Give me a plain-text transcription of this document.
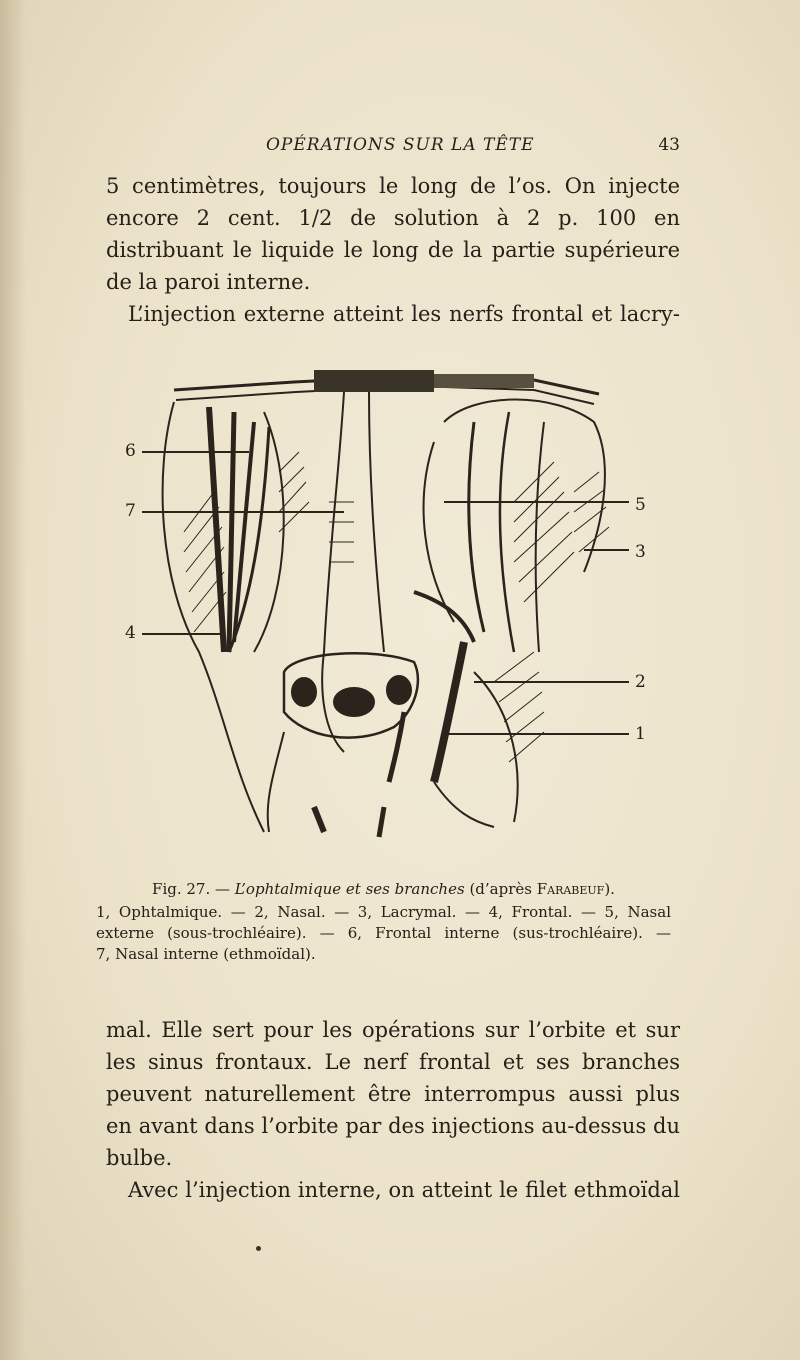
OPÉRATIONS SUR LA TÊTE	43

5 centimètres, toujours le long de l’os. On injecte encore 2 cent. 1/2 de solution à 2 p. 100 en distribuant le liquide le long de la partie supérieure de la paroi interne.

L’injection externe atteint les nerfs frontal et lacry-

6
7
4
5
3
2
1
Fig. 27. — L’ophtalmique et ses branches (d’après Farabeuf).
1, Ophtalmique. — 2, Nasal. — 3, Lacrymal. — 4, Frontal. — 5, Nasal
externe (sous-trochléaire). — 6, Frontal interne (sus-trochléaire). —
7, Nasal interne (ethmoïdal).

mal. Elle sert pour les opérations sur l’orbite et sur les sinus frontaux. Le nerf frontal et ses branches peuvent naturellement être interrompus aussi plus en avant dans l’orbite par des injections au-dessus du bulbe.

Avec l’injection interne, on atteint le filet ethmoïdal
